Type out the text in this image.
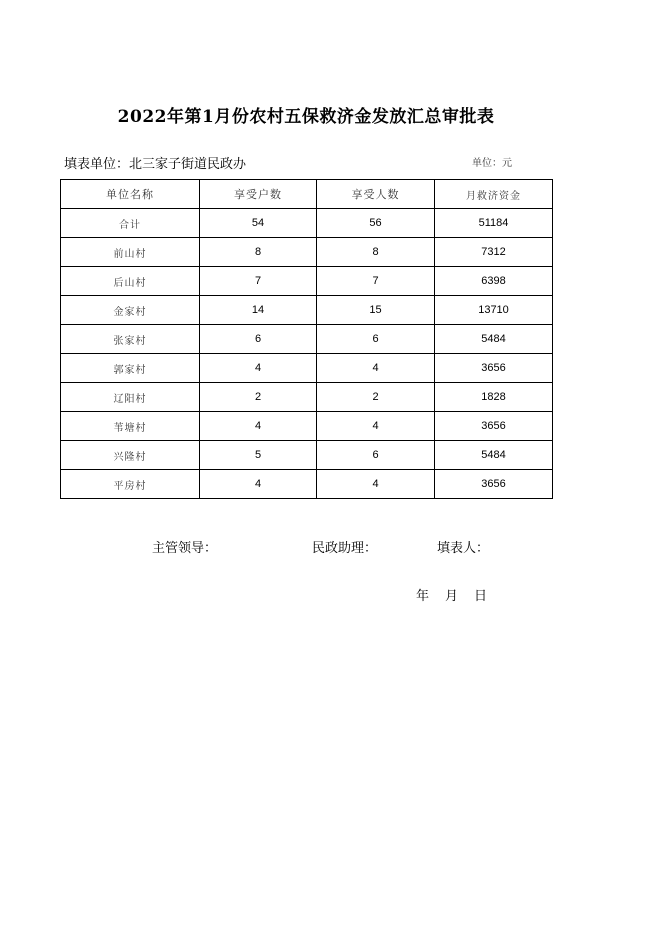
2022年第1月份农村五保救济金发放汇总审批表
填表单位：北三家子街道民政办	单位：元
单位名称	享受户数	享受人数	月救济资金
合计	54	56	51184
前山村	8	8	7312
后山村	7	7	6398
金家村	14	15	13710
张家村	6	6	5484
郭家村	4	4	3656
辽阳村	2	2	1828
苇塘村	4	4	3656
兴隆村	5	6	5484
平房村	4	4	3656
主管领导：	民政助理：	填表人：
年 月 日
